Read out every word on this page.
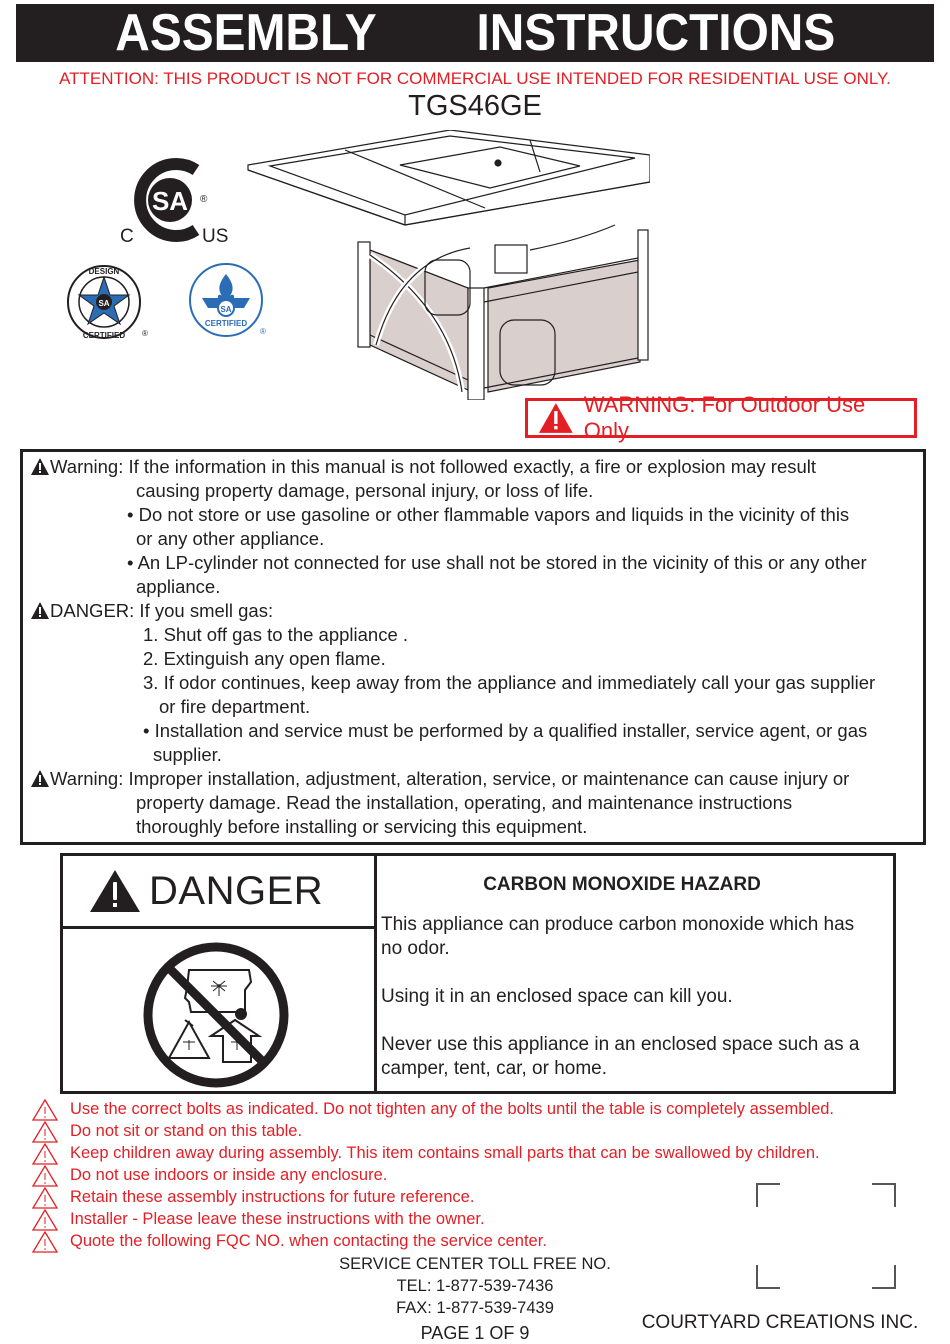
ASSEMBLY   INSTRUCTIONS
ATTENTION: THIS PRODUCT IS NOT FOR COMMERCIAL USE INTENDED FOR RESIDENTIAL USE ONLY.
TGS46GE
SA ®
C	US
SA
DESIGN
CERTIFIED ®
SA
CERTIFIED
®
WARNING: For Outdoor Use Only
Warning: If the information in this manual is not followed exactly, a fire or explosion may result
causing property damage, personal injury, or loss of life.
• Do not store or use gasoline or other flammable vapors and liquids in the vicinity of this
or any other appliance.
• An LP-cylinder not connected for use shall not be stored in the vicinity of this or any other
appliance.
DANGER: If you smell gas:
1. Shut off gas to the appliance .
2. Extinguish any open flame.
3. If odor continues, keep away from the appliance and immediately call your gas supplier
or fire department.
• Installation and service must be performed by a qualified installer, service agent, or gas
supplier.
Warning: Improper installation, adjustment, alteration, service, or maintenance can cause injury or
property damage. Read the installation, operating, and maintenance instructions
thoroughly before installing or servicing this equipment.
DANGER	CARBON MONOXIDE HAZARD
This appliance can produce carbon monoxide which has
no odor.
Using it in an enclosed space can kill you.
Never use this appliance in an enclosed space such as a
camper, tent, car, or home.
Use the correct bolts as indicated. Do not tighten any of the bolts until the table is completely assembled.
Do not sit or stand on this table.
Keep children away during assembly. This item contains small parts that can be swallowed by children.
Do not use indoors or inside any enclosure.
Retain these assembly instructions for future reference.
Installer - Please leave these instructions with the owner.
Quote the following FQC NO. when contacting the service center.
SERVICE CENTER TOLL FREE NO.
TEL: 1-877-539-7436
FAX: 1-877-539-7439
PAGE 1 OF 9	COURTYARD CREATIONS INC.
